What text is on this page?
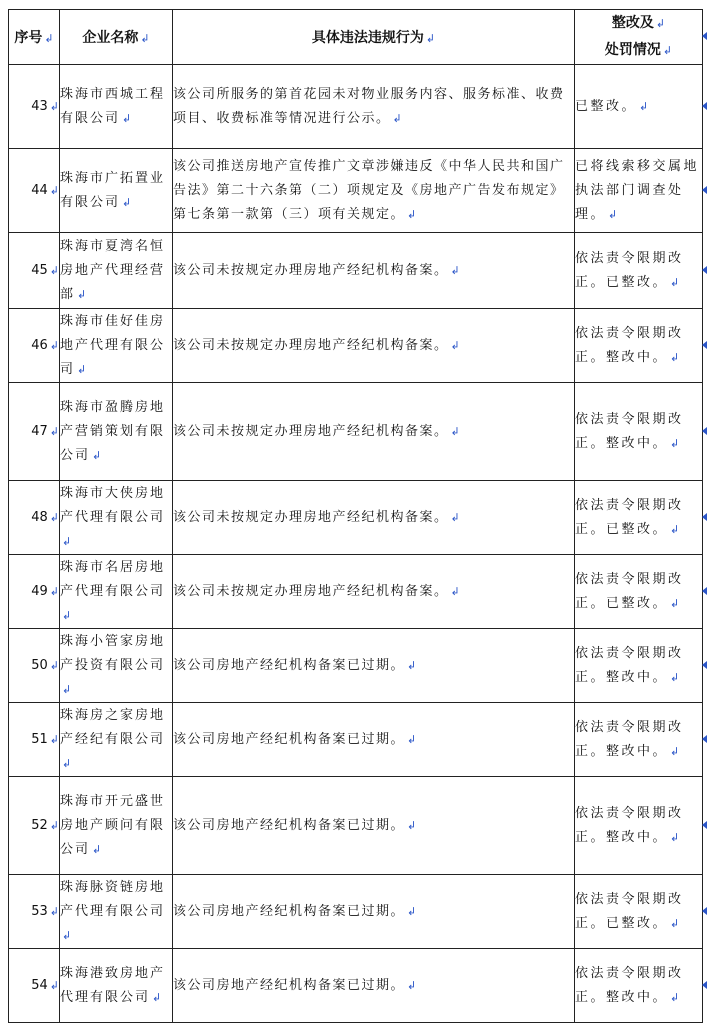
序号 ↲	企业名称 ↲	具体违法违规行为 ↲	整改及 ↲
处罚情况 ↲

43 ↲	珠海市西城工程有限公司 ↲	该公司所服务的第首花园未对物业服务内容、服务标准、收费项目、收费标准等情况进行公示。 ↲	已整改。 ↲
44 ↲	珠海市广拓置业有限公司 ↲	该公司推送房地产宣传推广文章涉嫌违反《中华人民共和国广告法》第二十六条第（二）项规定及《房地产广告发布规定》第七条第一款第（三）项有关规定。 ↲	已将线索移交属地执法部门调查处理。 ↲
45 ↲	珠海市夏湾名恒房地产代理经营部 ↲	该公司未按规定办理房地产经纪机构备案。 ↲	依法责令限期改正。已整改。 ↲
46 ↲	珠海市佳好佳房地产代理有限公司 ↲	该公司未按规定办理房地产经纪机构备案。 ↲	依法责令限期改正。整改中。 ↲
47 ↲	珠海市盈腾房地产营销策划有限公司 ↲	该公司未按规定办理房地产经纪机构备案。 ↲	依法责令限期改正。整改中。 ↲
48 ↲	珠海市大侠房地产代理有限公司↲	该公司未按规定办理房地产经纪机构备案。 ↲	依法责令限期改正。已整改。 ↲
49 ↲	珠海市名居房地产代理有限公司↲	该公司未按规定办理房地产经纪机构备案。 ↲	依法责令限期改正。已整改。 ↲
50 ↲	珠海小管家房地产投资有限公司↲	该公司房地产经纪机构备案已过期。 ↲	依法责令限期改正。整改中。 ↲
51 ↲	珠海房之家房地产经纪有限公司↲	该公司房地产经纪机构备案已过期。 ↲	依法责令限期改正。整改中。 ↲
52 ↲	珠海市开元盛世房地产顾问有限公司 ↲	该公司房地产经纪机构备案已过期。 ↲	依法责令限期改正。整改中。 ↲
53 ↲	珠海脉资链房地产代理有限公司↲	该公司房地产经纪机构备案已过期。 ↲	依法责令限期改正。已整改。 ↲
54 ↲	珠海港致房地产代理有限公司 ↲	该公司房地产经纪机构备案已过期。 ↲	依法责令限期改正。整改中。 ↲
